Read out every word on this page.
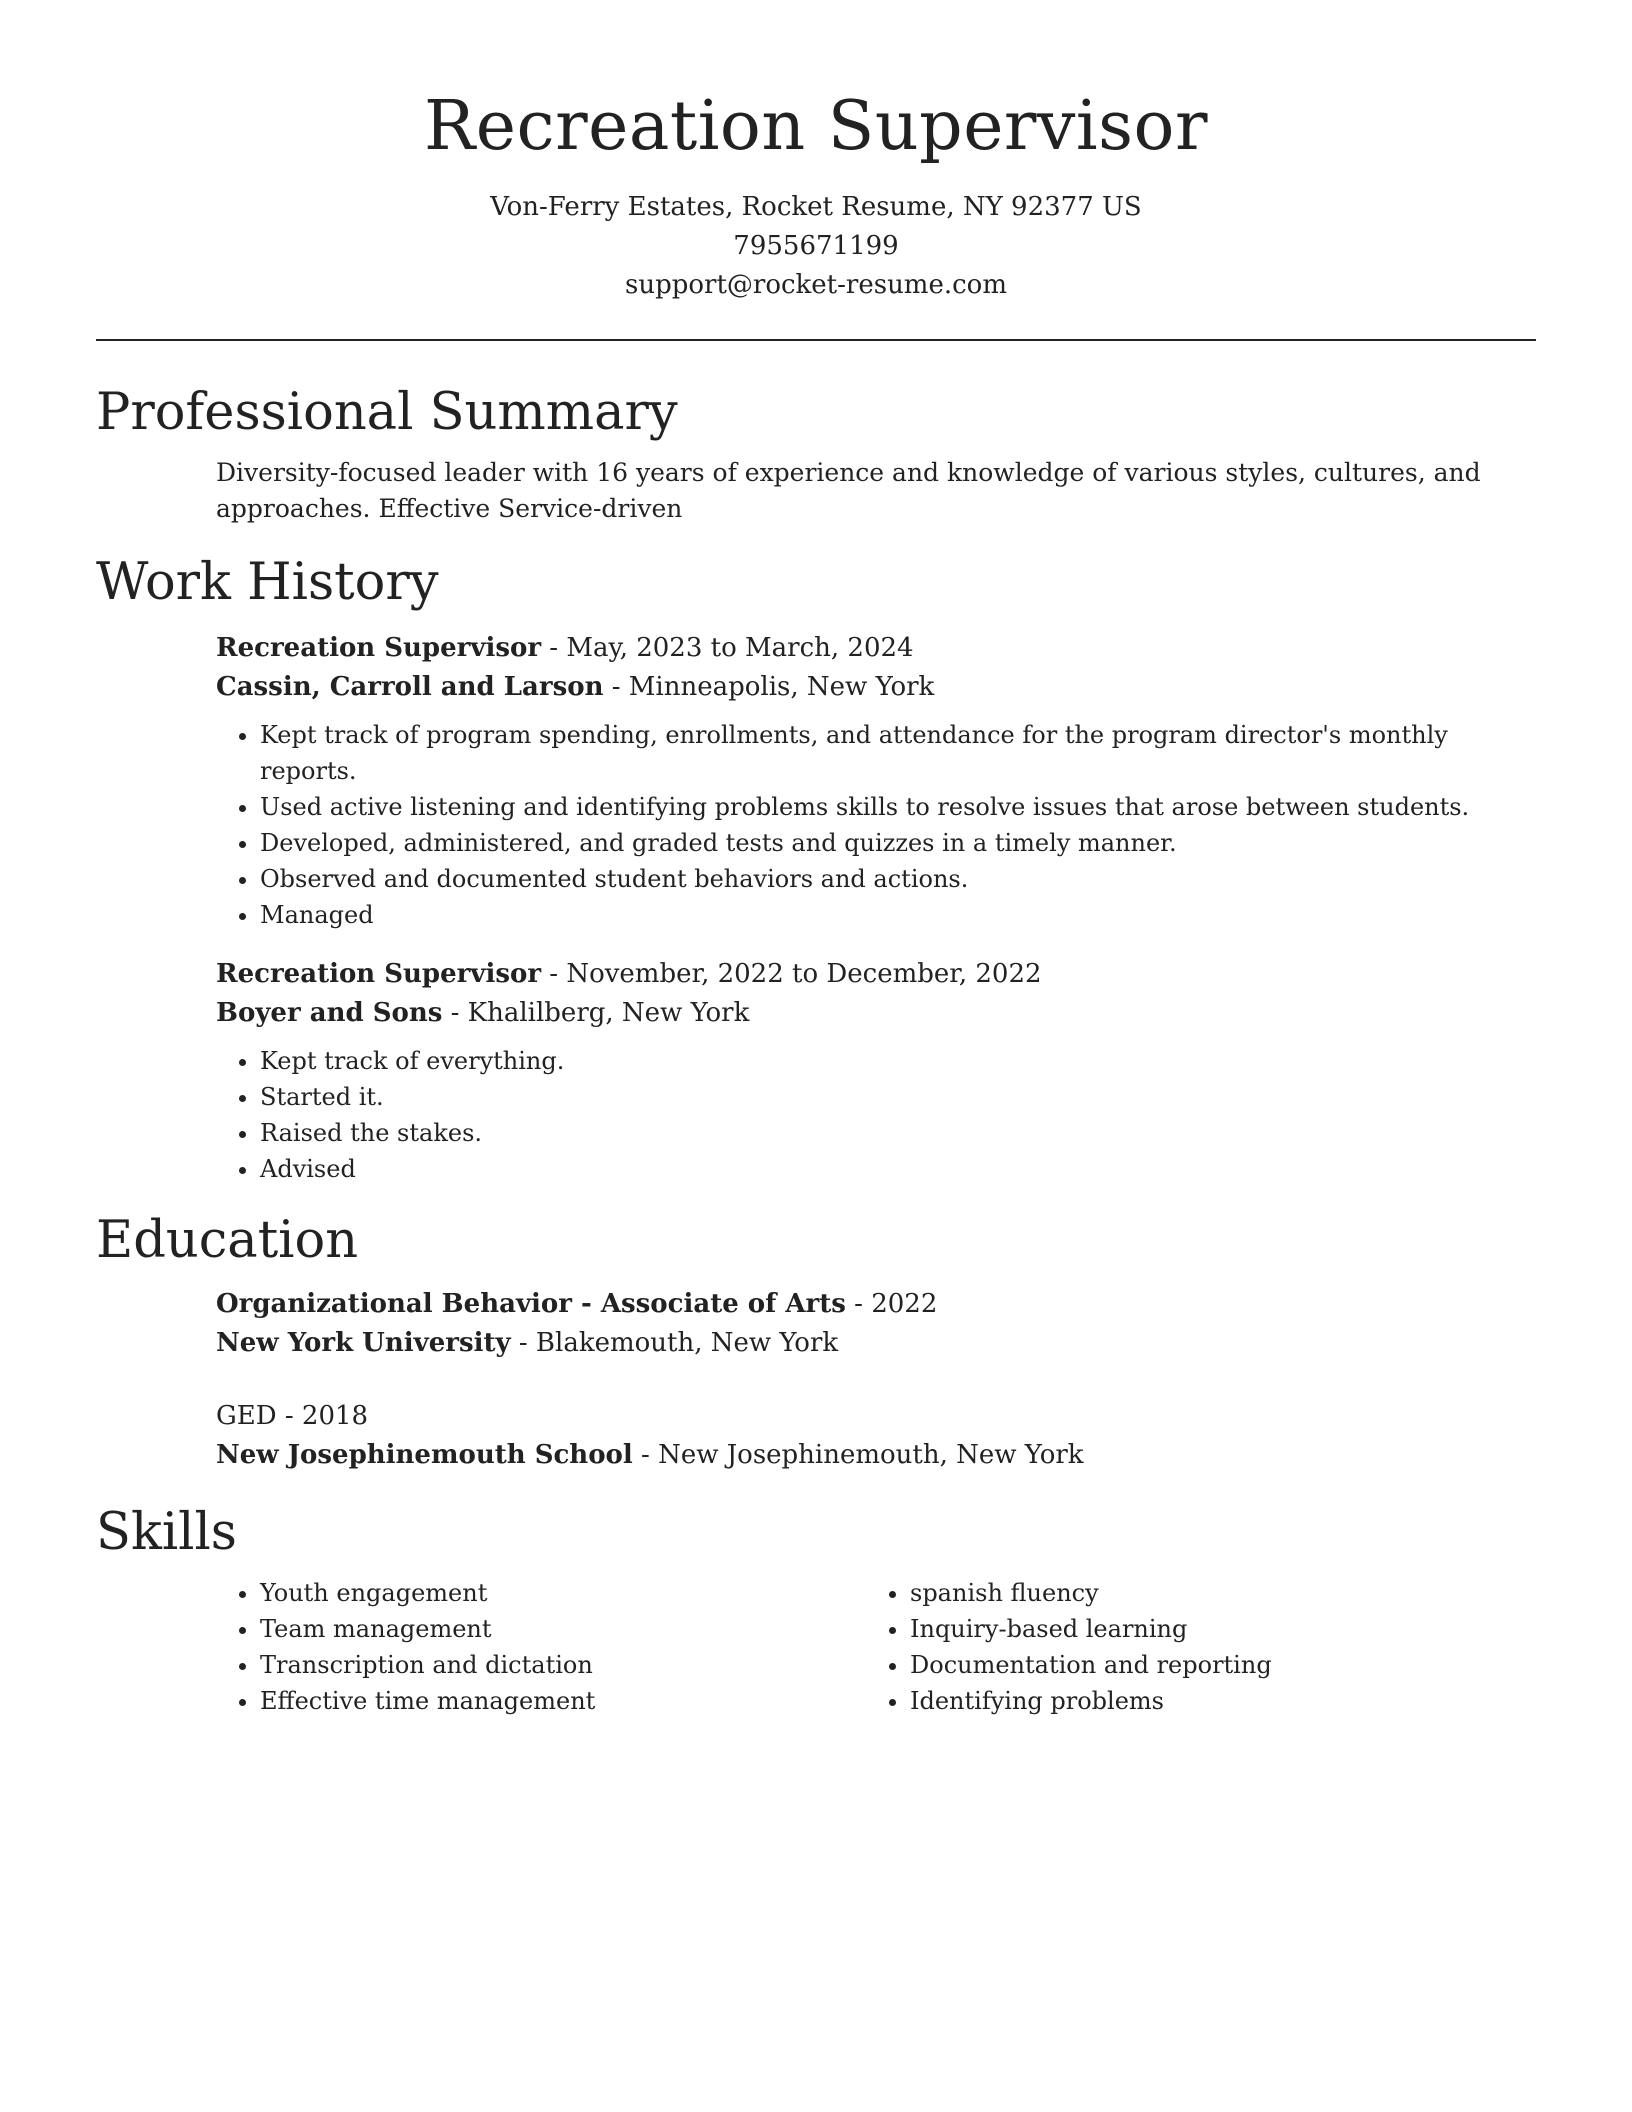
Recreation Supervisor
Von-Ferry Estates, Rocket Resume, NY 92377 US
7955671199
support@rocket-resume.com
Professional Summary
Diversity-focused leader with 16 years of experience and knowledge of various styles, cultures, and approaches. Effective Service-driven
Work History
Recreation Supervisor - May, 2023 to March, 2024
Cassin, Carroll and Larson - Minneapolis, New York
• Kept track of program spending, enrollments, and attendance for the program director's monthly reports.
• Used active listening and identifying problems skills to resolve issues that arose between students.
• Developed, administered, and graded tests and quizzes in a timely manner.
• Observed and documented student behaviors and actions.
• Managed
Recreation Supervisor - November, 2022 to December, 2022
Boyer and Sons - Khalilberg, New York
• Kept track of everything.
• Started it.
• Raised the stakes.
• Advised
Education
Organizational Behavior - Associate of Arts - 2022
New York University - Blakemouth, New York
GED - 2018
New Josephinemouth School - New Josephinemouth, New York
Skills
• Youth engagement
• Team management
• Transcription and dictation
• Effective time management
• spanish fluency
• Inquiry-based learning
• Documentation and reporting
• Identifying problems
